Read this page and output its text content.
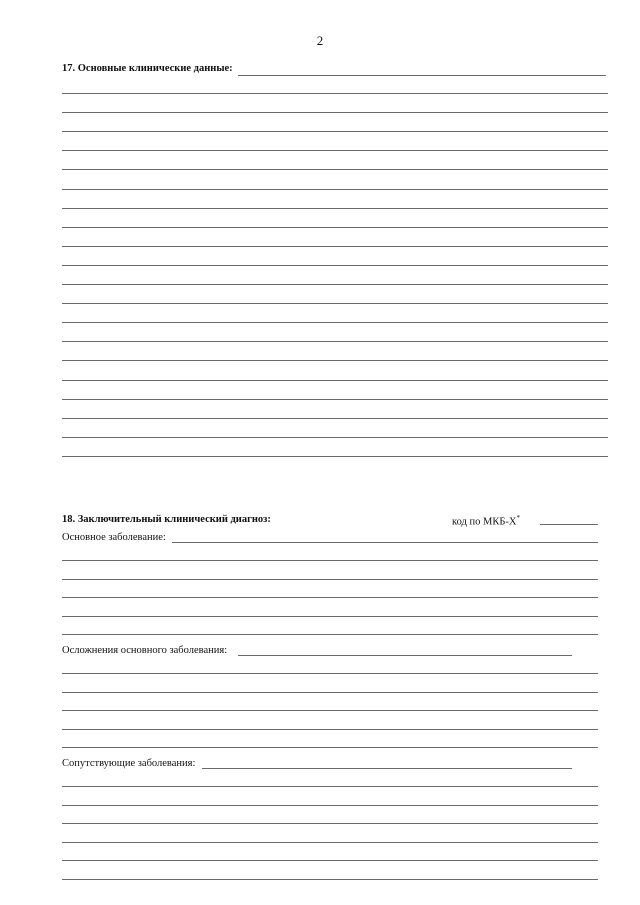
2
17. Основные клинические данные:
18. Заключительный клинический диагноз:	код по МКБ-Х*
Основное заболевание:
Осложнения основного заболевания:
Сопутствующие заболевания:
